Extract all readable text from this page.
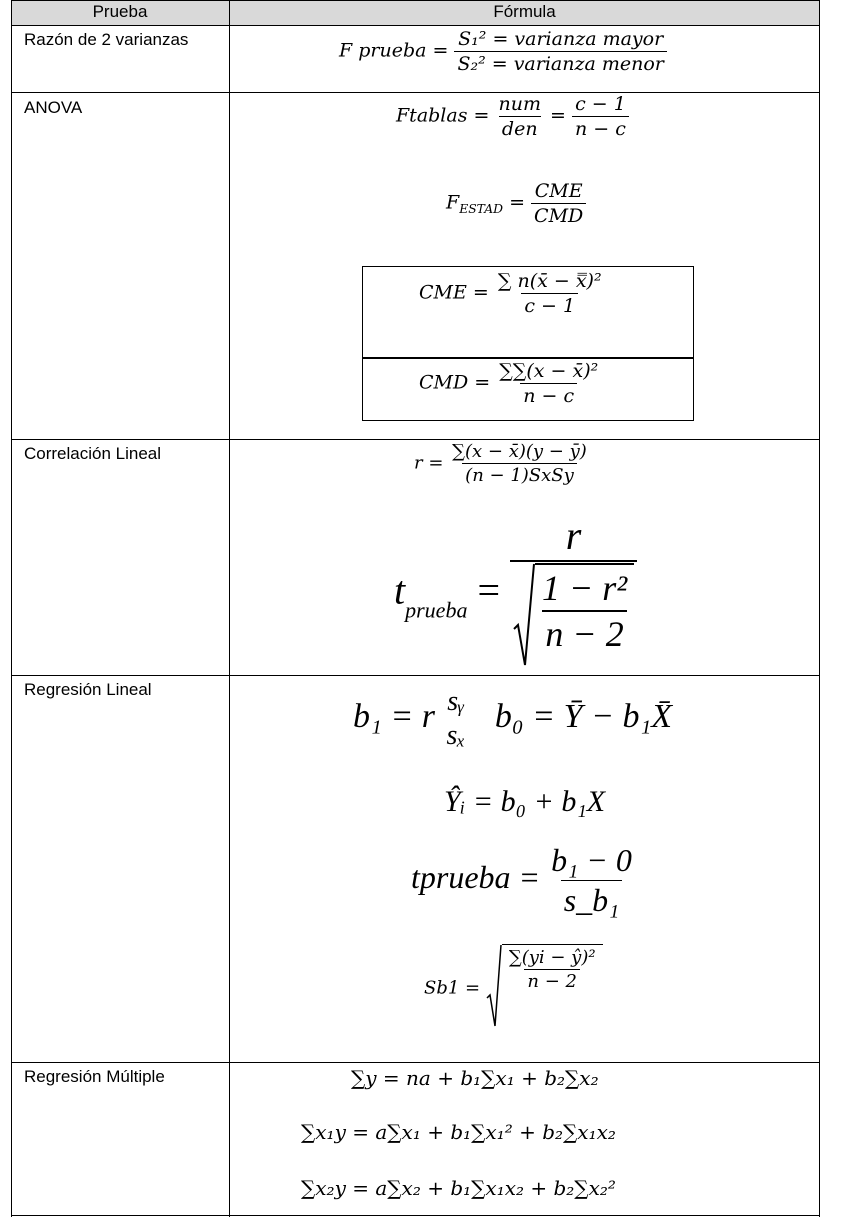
Prueba	Fórmula
Razón de 2 varianzas
ANOVA
Correlación Lineal
Regresión Lineal
Regresión Múltiple
F prueba = $\frac{\text{S₁² = varianza mayor}}{\text{S₂² = varianza menor}}$
Ftablas = $\frac{\text{num}}{\text{den}} = \frac{c - 1}{n - c}$
$F_{ESTAD} = \frac{\text{CME}}{\text{CMD}}$
CME = $\frac{\text{∑ n(x̄ − x̿)²}}{c - 1}$
CMD = $\frac{\text{∑∑(x − x̄)²}}{n - c}$
$r = \frac{\sum(x - x̄)(y - ȳ)}{\text{(n − 1)SxSy}}$
$t_{prueba} = \frac{r}{\frac{\text{1 − r²}}{n - 2}}$
b₁ = r sᵧ
sₓ
b₀ = Ȳ − b₁X̄
Ŷᵢ = b₀ + b₁X
tprueba = $\frac{\text{b₁ − 0}}{\text{s\_b₁}}$
$Sb1 = \frac{\text{∑(yi − ŷ)²}}{n - 2}$
∑y = na + b₁∑x₁ + b₂∑x₂
∑x₁y = a∑x₁ + b₁∑x₁² + b₂∑x₁x₂
∑x₂y = a∑x₂ + b₁∑x₁x₂ + b₂∑x₂²
